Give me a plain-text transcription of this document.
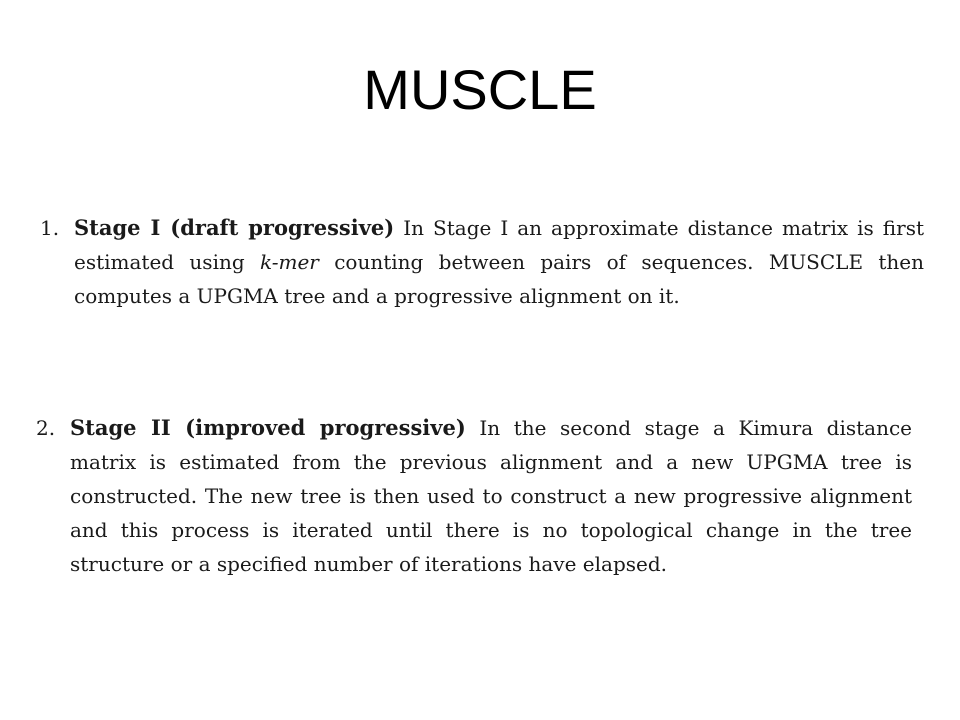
MUSCLE
1. Stage I (draft progressive) In Stage I an approximate distance matrix is first estimated using k-mer counting between pairs of sequences. MUSCLE then computes a UPGMA tree and a progressive alignment on it.
2. Stage II (improved progressive) In the second stage a Kimura distance matrix is estimated from the previous alignment and a new UPGMA tree is constructed. The new tree is then used to construct a new progressive alignment and this process is iterated until there is no topological change in the tree structure or a specified number of iterations have elapsed.
